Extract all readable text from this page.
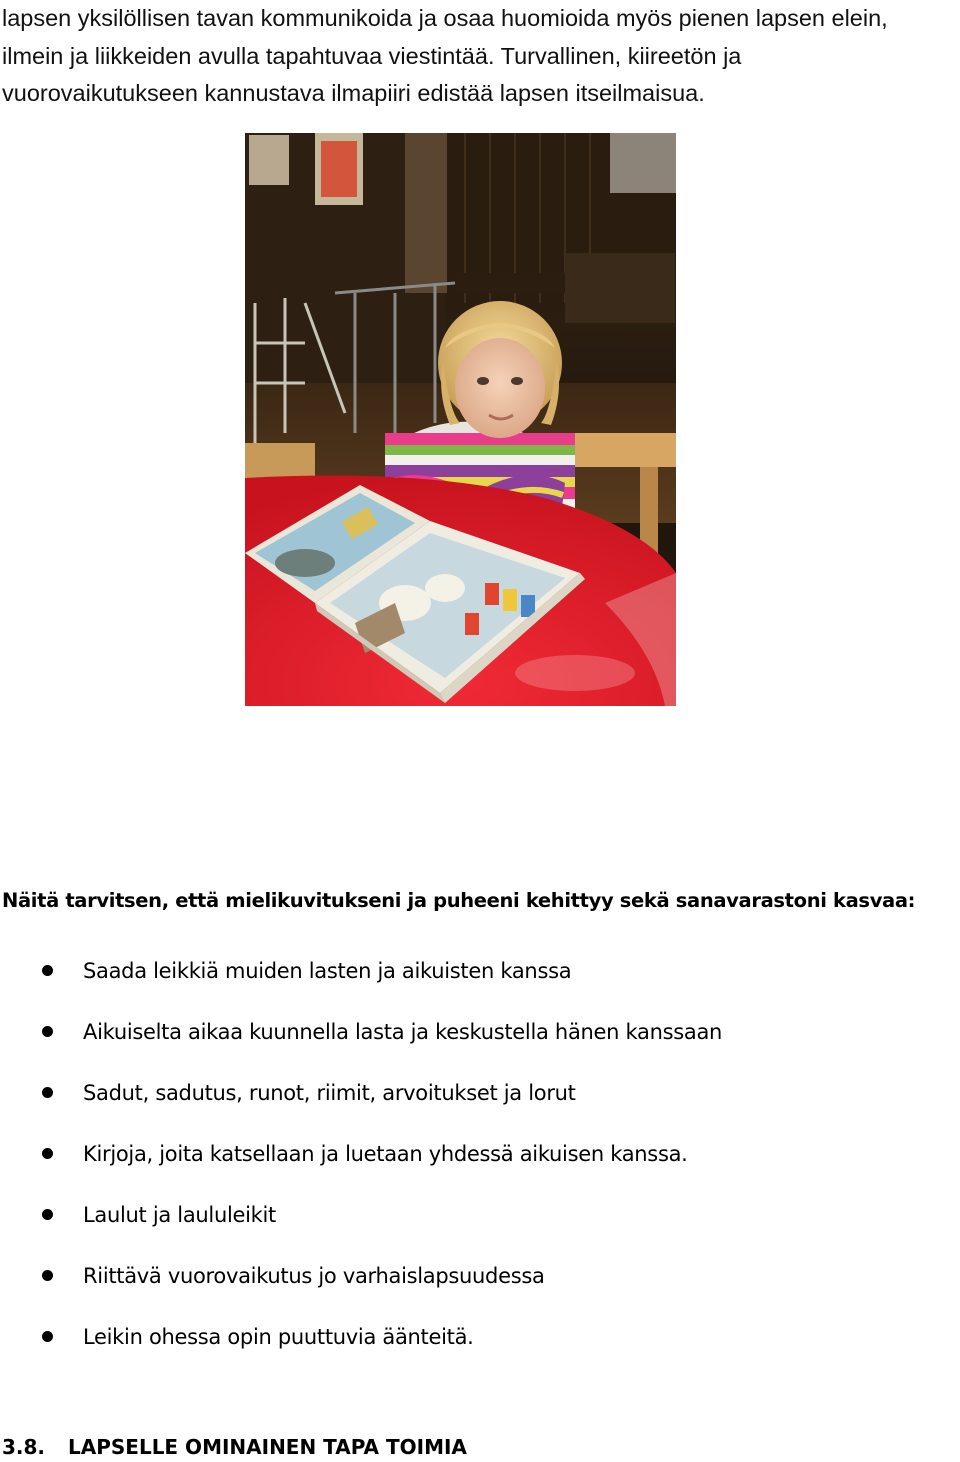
lapsen yksilöllisen tavan kommunikoida ja osaa huomioida myös pienen lapsen elein,

ilmein ja liikkeiden avulla tapahtuvaa viestintää. Turvallinen, kiireetön ja

vuorovaikutukseen kannustava ilmapiiri edistää lapsen itseilmaisua.

Näitä tarvitsen, että mielikuvitukseni ja puheeni kehittyy sekä sanavarastoni kasvaa:
Saada leikkiä muiden lasten ja aikuisten kanssa
Aikuiselta aikaa kuunnella lasta ja keskustella hänen kanssaan
Sadut, sadutus, runot, riimit, arvoitukset ja lorut
Kirjoja, joita katsellaan ja luetaan yhdessä aikuisen kanssa.
Laulut ja laululeikit
Riittävä vuorovaikutus jo varhaislapsuudessa
Leikin ohessa opin puuttuvia äänteitä.
3.8. LAPSELLE OMINAINEN TAPA TOIMIA
